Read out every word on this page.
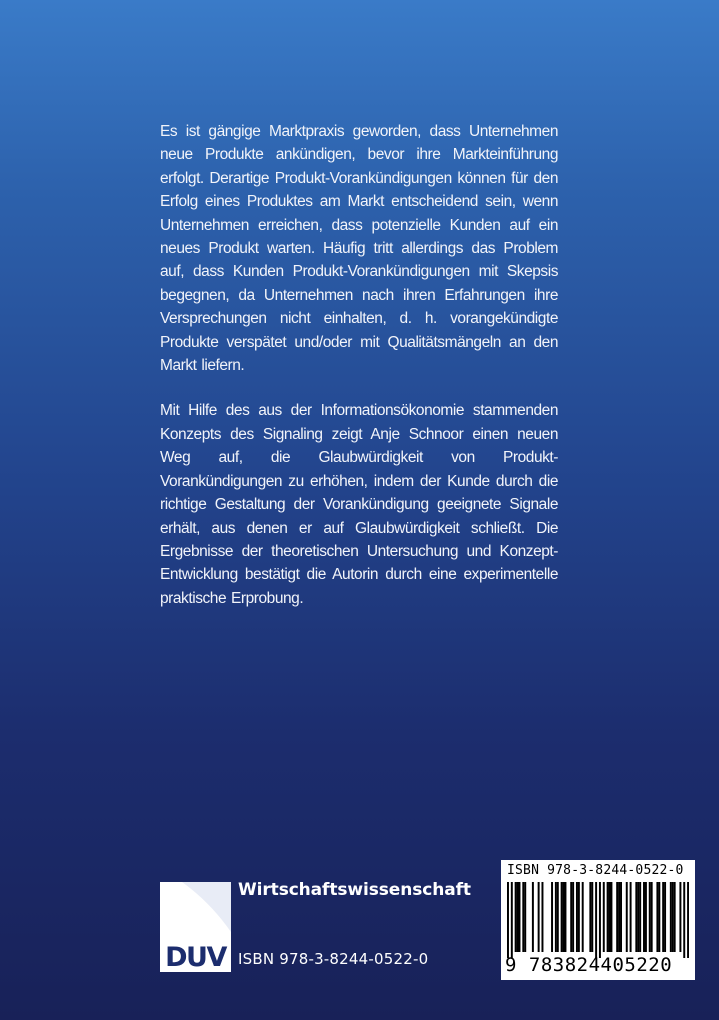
Es ist gängige Marktpraxis geworden, dass Unternehmen neue Produkte ankündigen, bevor ihre Markteinführung erfolgt. Derartige Produkt-Vorankündigungen können für den Erfolg eines Produktes am Markt entscheidend sein, wenn Unternehmen erreichen, dass potenzielle Kunden auf ein neues Produkt warten. Häufig tritt allerdings das Problem auf, dass Kunden Produkt-Vorankündigungen mit Skepsis begegnen, da Unternehmen nach ihren Erfahrungen ihre Versprechungen nicht einhalten, d. h. vorangekündigte Produkte verspätet und/oder mit Qualitätsmängeln an den Markt liefern.

Mit Hilfe des aus der Informationsökonomie stammenden Konzepts des Signaling zeigt Anje Schnoor einen neuen Weg auf, die Glaubwürdigkeit von Produkt-Vorankündigungen zu erhöhen, indem der Kunde durch die richtige Gestaltung der Vorankündigung geeignete Signale erhält, aus denen er auf Glaubwürdigkeit schließt. Die Ergebnisse der theoretischen Untersuchung und Konzept-Entwicklung bestätigt die Autorin durch eine experimentelle praktische Erprobung.

DUV
Wirtschaftswissenschaft
ISBN 978-3-8244-0522-0
ISBN 978-3-8244-0522-0
9 783824405220
